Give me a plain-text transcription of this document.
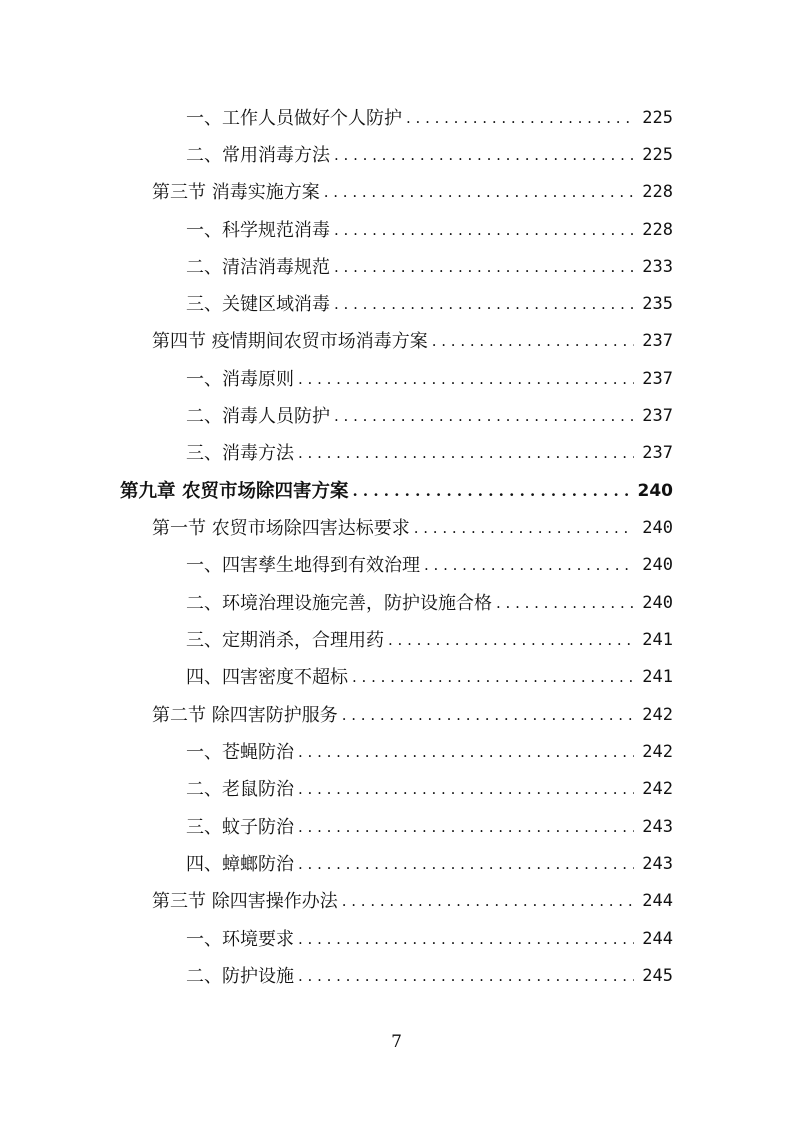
一、工作人员做好个人防护 . . .	225
二、常用消毒方法 . . .	225
第三节 消毒实施方案 . . .	228
一、科学规范消毒 . . .	228
二、清洁消毒规范 . . .	233
三、关键区域消毒 . . .	235
第四节 疫情期间农贸市场消毒方案 . . .	237
一、消毒原则 . . .	237
二、消毒人员防护 . . .	237
三、消毒方法 . . .	237
第九章 农贸市场除四害方案 . . .	240
第一节 农贸市场除四害达标要求 . . .	240
一、四害孳生地得到有效治理 . . .	240
二、环境治理设施完善，防护设施合格 . . .	240
三、定期消杀，合理用药 . . .	241
四、四害密度不超标 . . .	241
第二节 除四害防护服务 . . .	242
一、苍蝇防治 . . .	242
二、老鼠防治 . . .	242
三、蚊子防治 . . .	243
四、蟑螂防治 . . .	243
第三节 除四害操作办法 . . .	244
一、环境要求 . . .	244
二、防护设施 . . .	245
7
